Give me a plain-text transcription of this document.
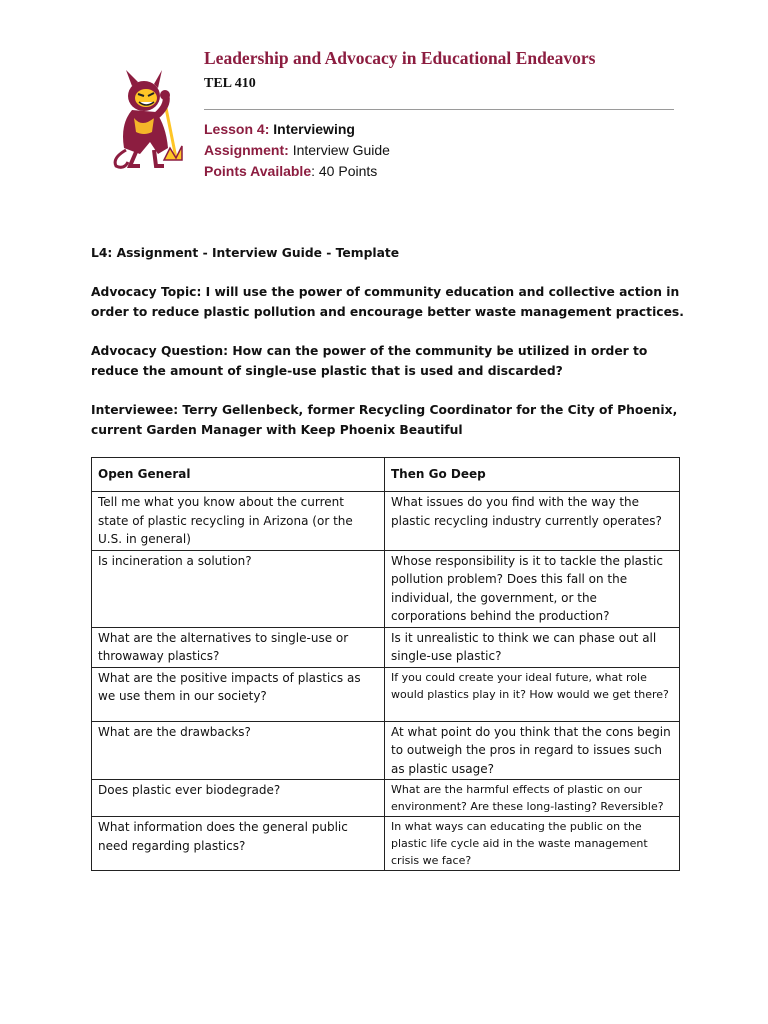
Leadership and Advocacy in Educational Endeavors
TEL 410
Lesson 4: Interviewing
Assignment: Interview Guide
Points Available: 40 Points
L4: Assignment - Interview Guide - Template
Advocacy Topic: I will use the power of community education and collective action in order to reduce plastic pollution and encourage better waste management practices.
Advocacy Question: How can the power of the community be utilized in order to reduce the amount of single-use plastic that is used and discarded?
Interviewee: Terry Gellenbeck, former Recycling Coordinator for the City of Phoenix, current Garden Manager with Keep Phoenix Beautiful
Open General	Then Go Deep
Tell me what you know about the current state of plastic recycling in Arizona (or the U.S. in general)	What issues do you find with the way the plastic recycling industry currently operates?
Is incineration a solution?	Whose responsibility is it to tackle the plastic pollution problem? Does this fall on the individual, the government, or the corporations behind the production?
What are the alternatives to single-use or throwaway plastics?	Is it unrealistic to think we can phase out all single-use plastic?
What are the positive impacts of plastics as we use them in our society?	If you could create your ideal future, what role would plastics play in it? How would we get there?
What are the drawbacks?	At what point do you think that the cons begin to outweigh the pros in regard to issues such as plastic usage?
Does plastic ever biodegrade?	What are the harmful effects of plastic on our environment? Are these long-lasting? Reversible?
What information does the general public need regarding plastics?	In what ways can educating the public on the plastic life cycle aid in the waste management crisis we face?
